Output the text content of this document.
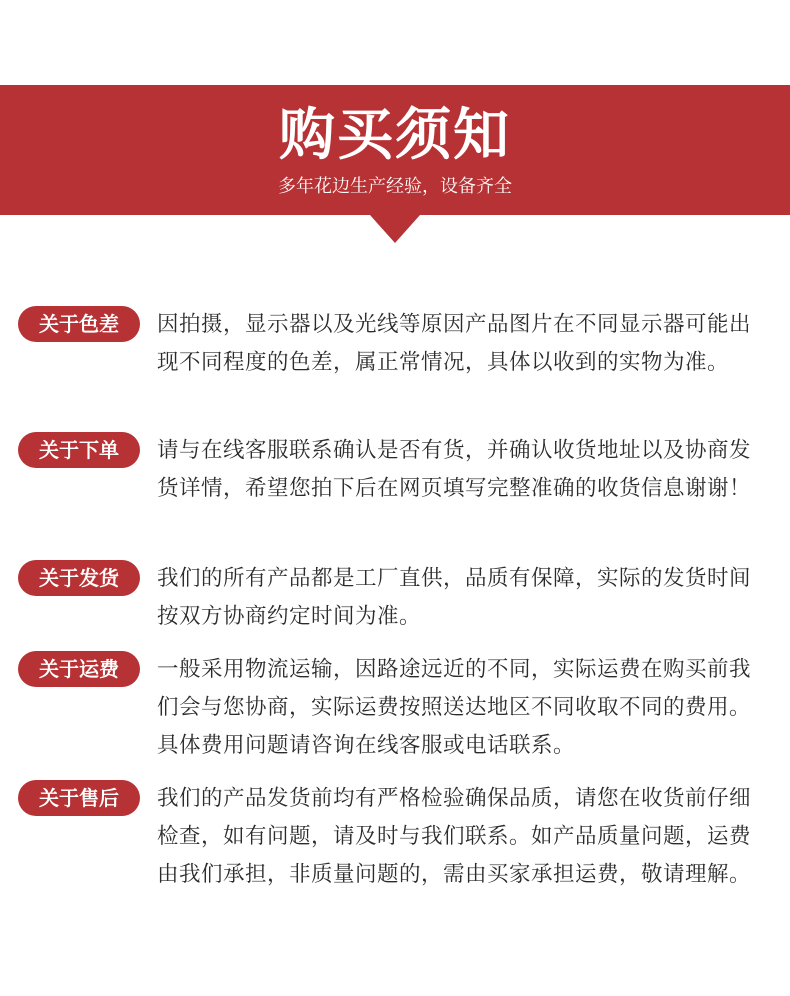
购买须知
多年花边生产经验，设备齐全
关于色差	因拍摄，显示器以及光线等原因产品图片在不同显示器可能出现不同程度的色差，属正常情况，具体以收到的实物为准。
关于下单	请与在线客服联系确认是否有货，并确认收货地址以及协商发货详情，希望您拍下后在网页填写完整准确的收货信息谢谢！
关于发货	我们的所有产品都是工厂直供，品质有保障，实际的发货时间按双方协商约定时间为准。
关于运费	一般采用物流运输，因路途远近的不同，实际运费在购买前我们会与您协商，实际运费按照送达地区不同收取不同的费用。具体费用问题请咨询在线客服或电话联系。
关于售后	我们的产品发货前均有严格检验确保品质，请您在收货前仔细检查，如有问题，请及时与我们联系。如产品质量问题，运费由我们承担，非质量问题的，需由买家承担运费，敬请理解。
